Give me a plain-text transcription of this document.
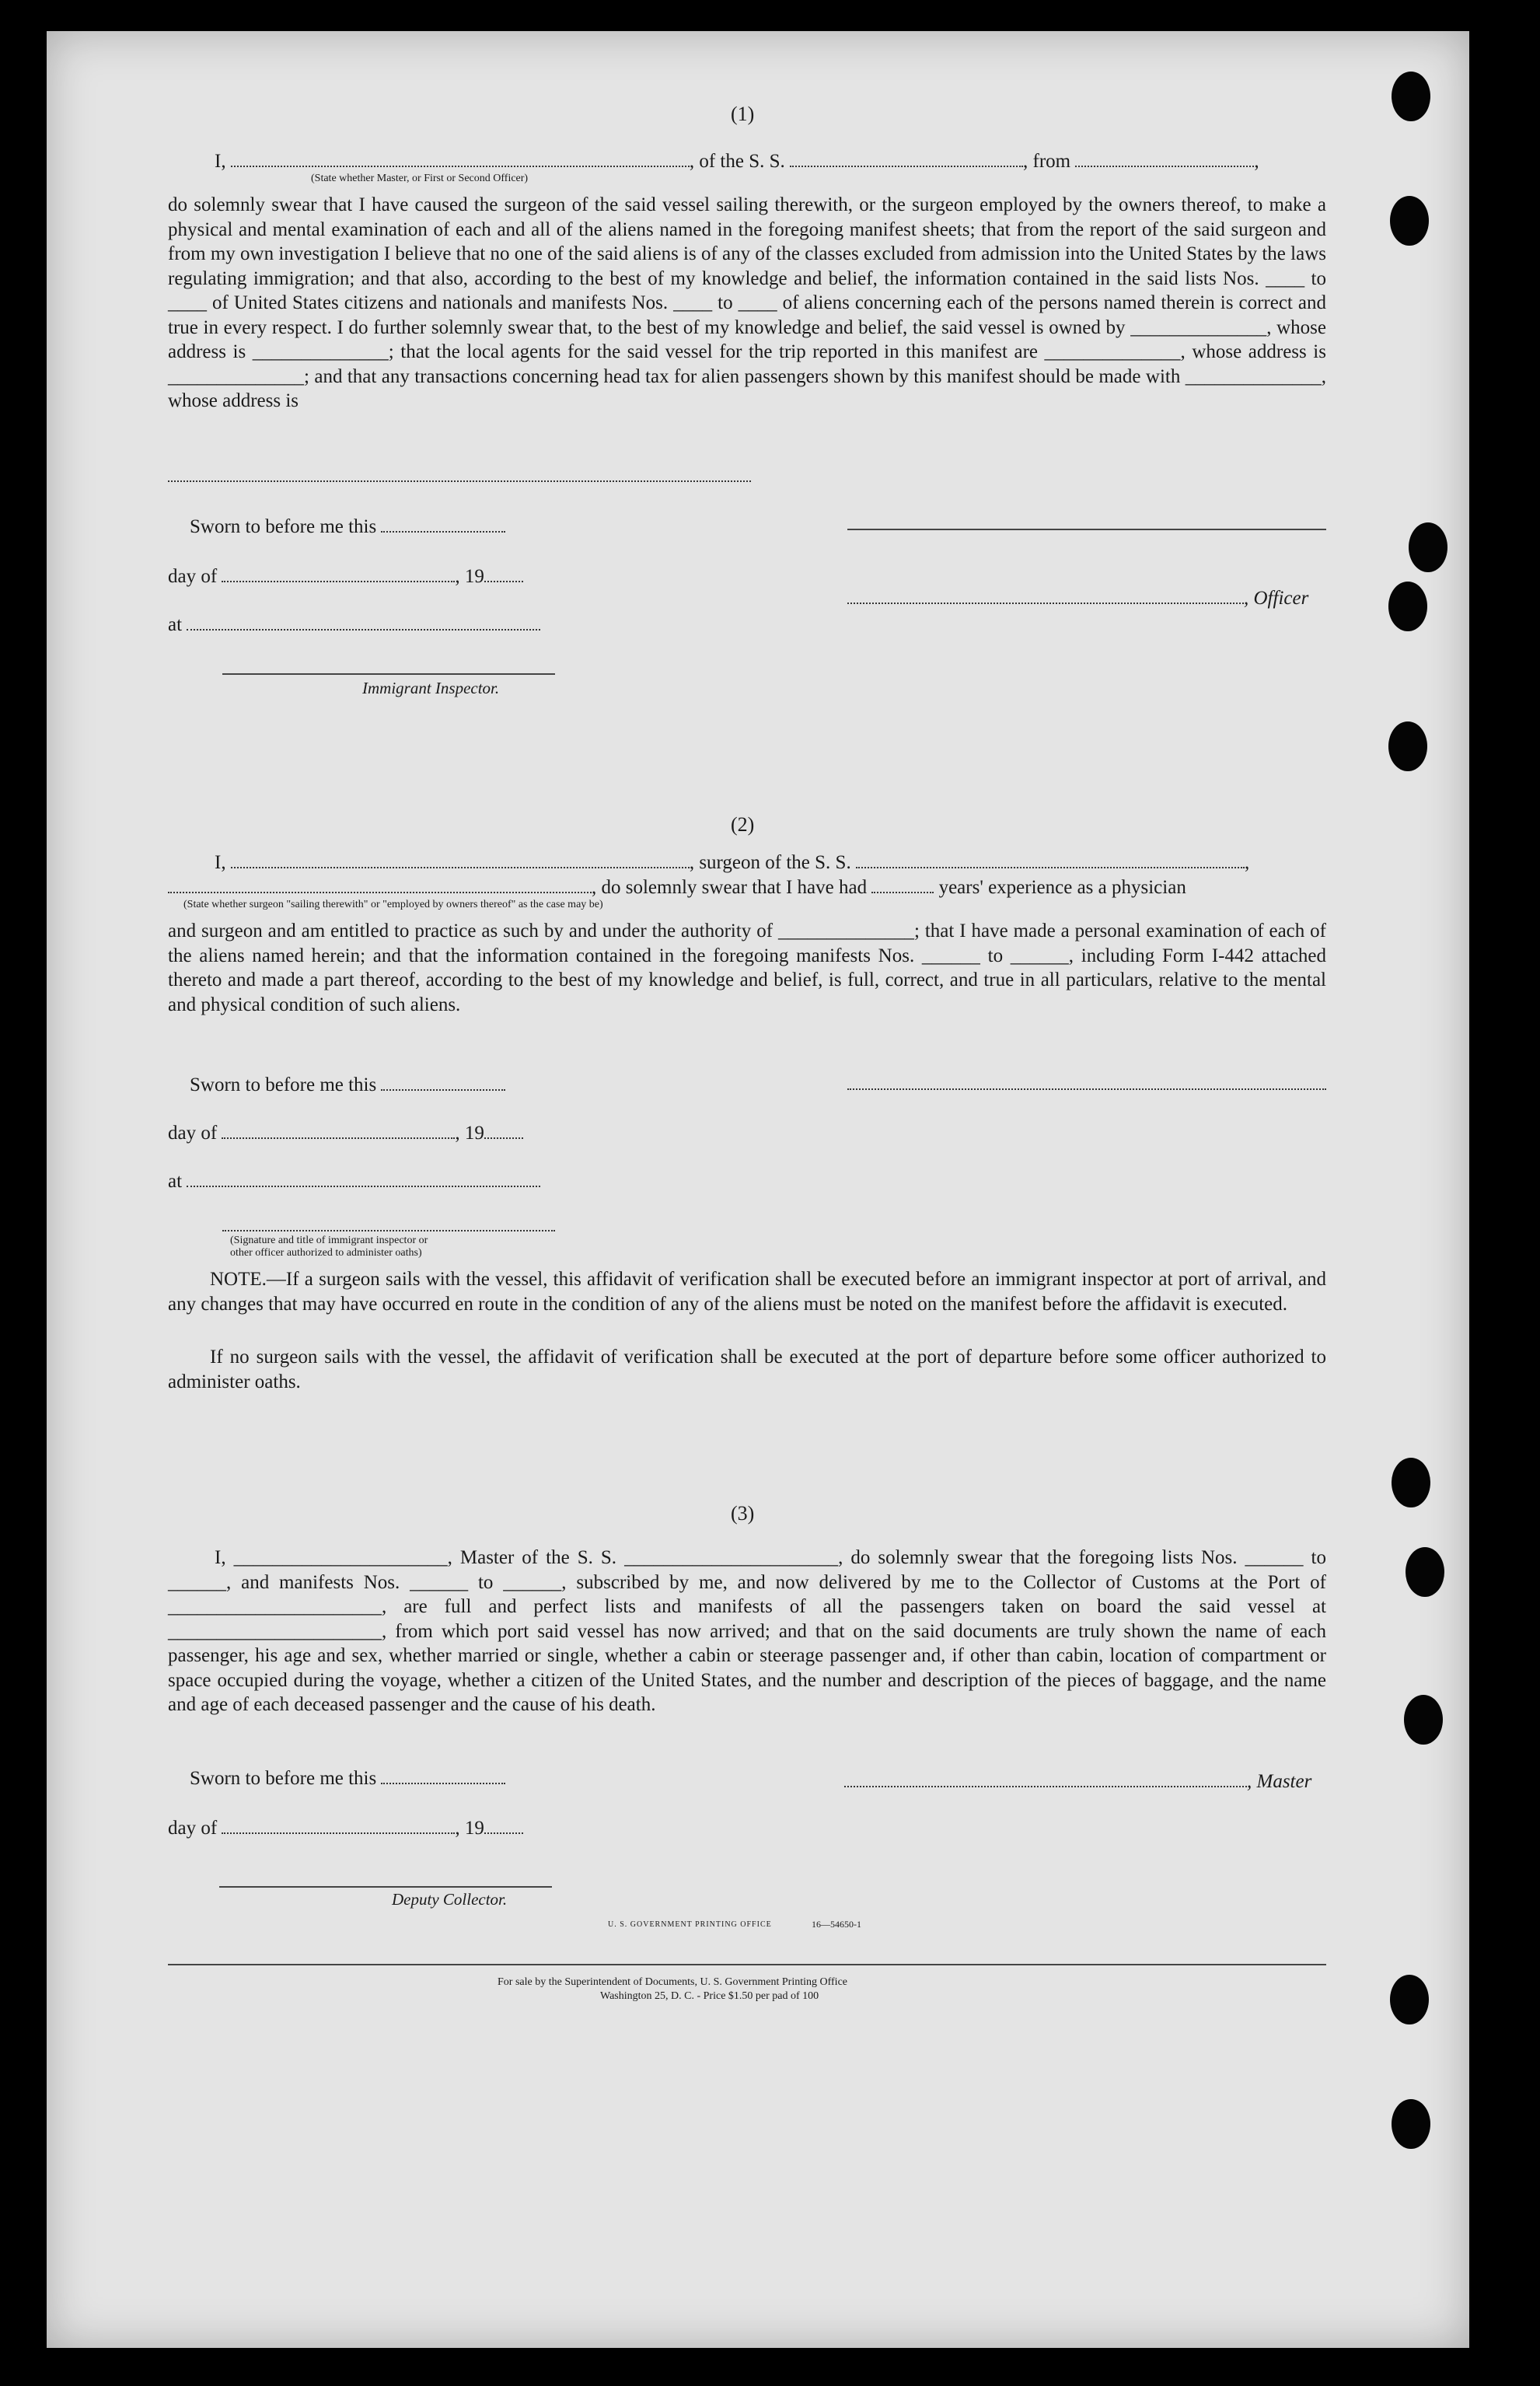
(1)
I,	, of the S. S.	, from	,
(State whether Master, or First or Second Officer)
do solemnly swear that I have caused the surgeon of the said vessel sailing therewith, or the surgeon employed by the owners thereof, to make a physical and mental examination of each and all of the aliens named in the foregoing manifest sheets; that from the report of the said surgeon and from my own investigation I believe that no one of the said aliens is of any of the classes excluded from admission into the United States by the laws regulating immigration; and that also, according to the best of my knowledge and belief, the information contained in the said lists Nos. ____ to ____ of United States citizens and nationals and manifests Nos. ____ to ____ of aliens concerning each of the persons named therein is correct and true in every respect. I do further solemnly swear that, to the best of my knowledge and belief, the said vessel is owned by ______________, whose address is ______________; that the local agents for the said vessel for the trip reported in this manifest are ______________, whose address is ______________; and that any transactions concerning head tax for alien passengers shown by this manifest should be made with ______________, whose address is
Sworn to before me this
day of	, 19
at
Immigrant Inspector.
, Officer
(2)
I,	, surgeon of the S. S.	,
, do solemnly swear that I have had	years' experience as a physician
(State whether surgeon "sailing therewith" or "employed by owners thereof" as the case may be)
and surgeon and am entitled to practice as such by and under the authority of ______________; that I have made a personal examination of each of the aliens named herein; and that the information contained in the foregoing manifests Nos. ______ to ______, including Form I-442 attached thereto and made a part thereof, according to the best of my knowledge and belief, is full, correct, and true in all particulars, relative to the mental and physical condition of such aliens.
Sworn to before me this
day of	, 19
at
(Signature and title of immigrant inspector or
other officer authorized to administer oaths)
NOTE.—If a surgeon sails with the vessel, this affidavit of verification shall be executed before an immigrant inspector at port of arrival, and any changes that may have occurred en route in the condition of any of the aliens must be noted on the manifest before the affidavit is executed.
If no surgeon sails with the vessel, the affidavit of verification shall be executed at the port of departure before some officer authorized to administer oaths.
(3)
I, ______________________, Master of the S. S. ______________________, do solemnly swear that the foregoing lists Nos. ______ to ______, and manifests Nos. ______ to ______, subscribed by me, and now delivered by me to the Collector of Customs at the Port of ______________________, are full and perfect lists and manifests of all the passengers taken on board the said vessel at ______________________, from which port said vessel has now arrived; and that on the said documents are truly shown the name of each passenger, his age and sex, whether married or single, whether a cabin or steerage passenger and, if other than cabin, location of compartment or space occupied during the voyage, whether a citizen of the United States, and the number and description of the pieces of baggage, and the name and age of each deceased passenger and the cause of his death.
Sworn to before me this	, Master
day of	, 19
Deputy Collector.
U. S. GOVERNMENT PRINTING OFFICE	16—54650-1
For sale by the Superintendent of Documents, U. S. Government Printing Office
Washington 25, D. C. - Price $1.50 per pad of 100
